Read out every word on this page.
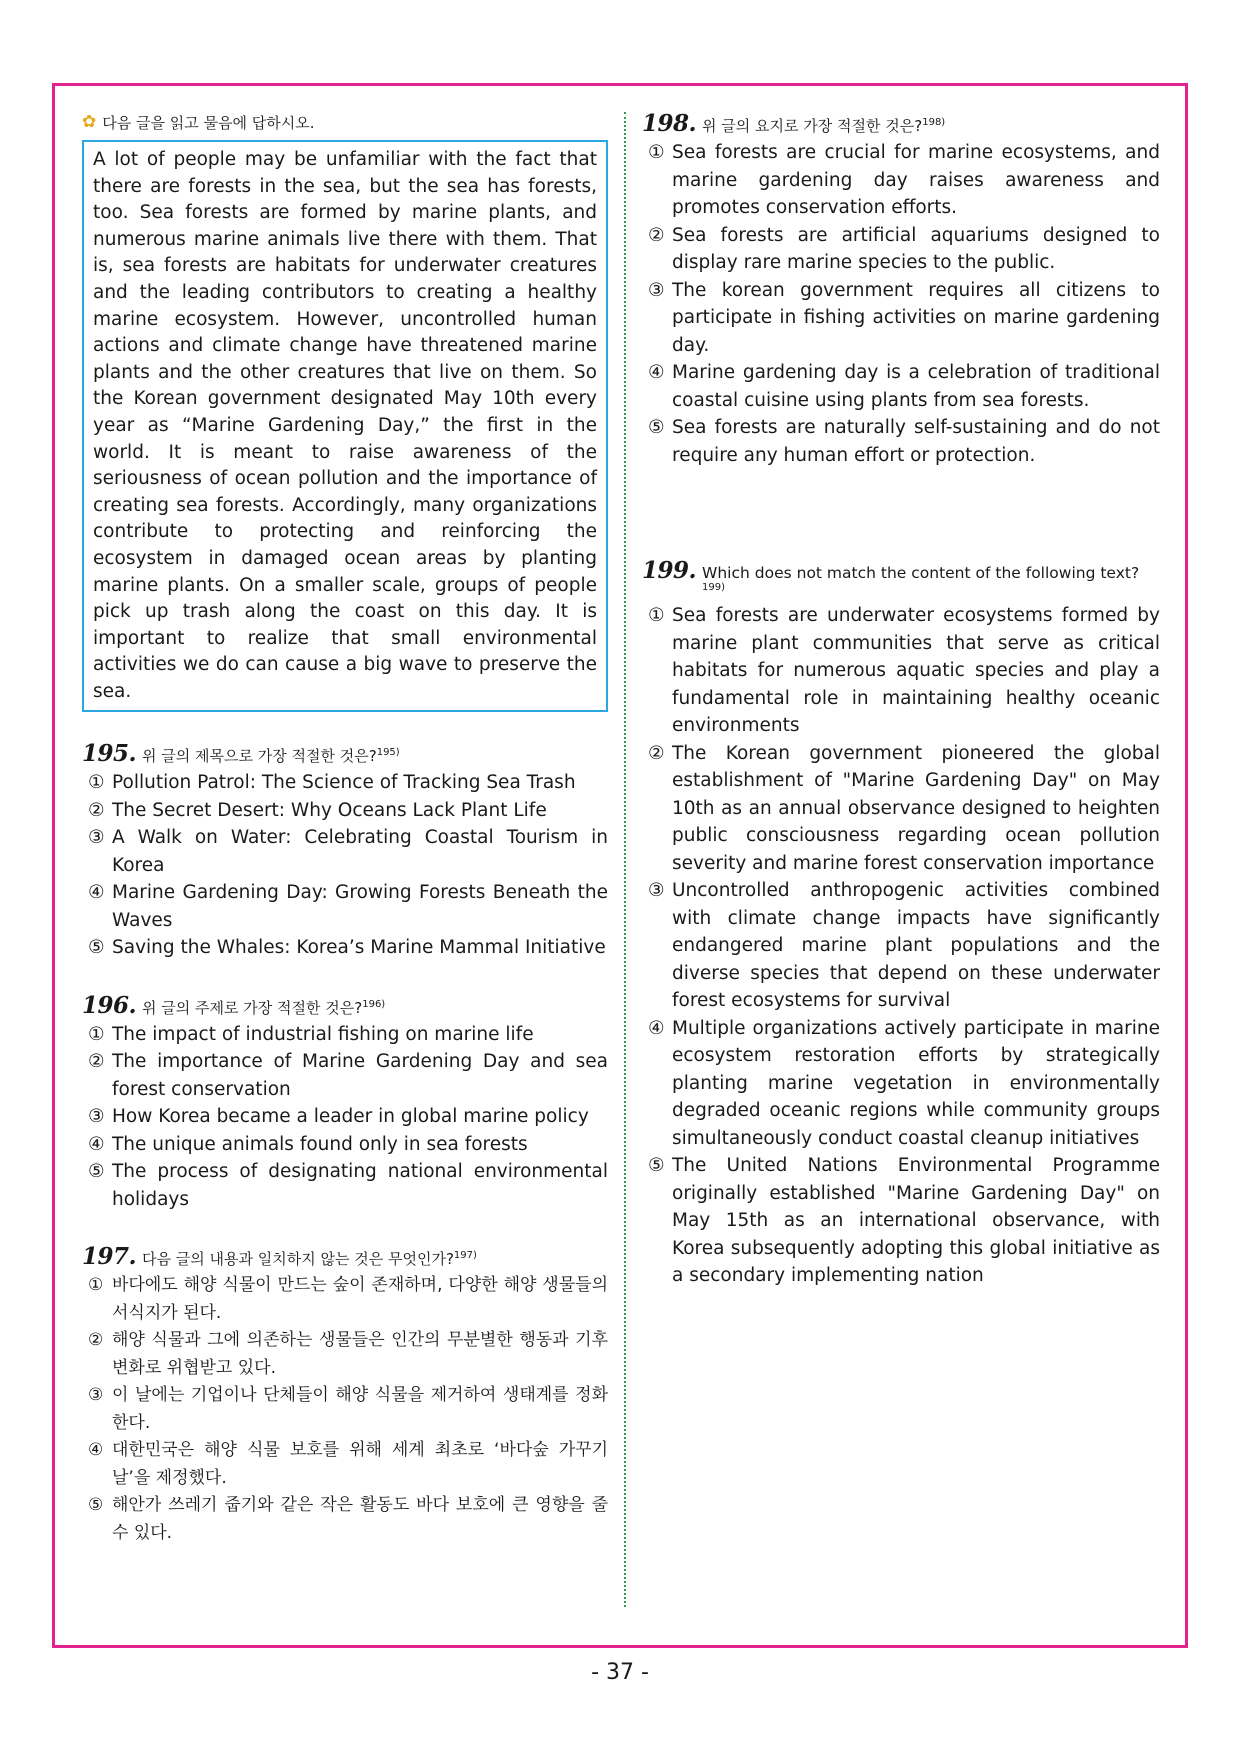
✿ 다음 글을 읽고 물음에 답하시오.
A lot of people may be unfamiliar with the fact that there are forests in the sea, but the sea has forests, too. Sea forests are formed by marine plants, and numerous marine animals live there with them. That is, sea forests are habitats for underwater creatures and the leading contributors to creating a healthy marine ecosystem. However, uncontrolled human actions and climate change have threatened marine plants and the other creatures that live on them. So the Korean government designated May 10th every year as “Marine Gardening Day,” the first in the world. It is meant to raise awareness of the seriousness of ocean pollution and the importance of creating sea forests. Accordingly, many organizations contribute to protecting and reinforcing the ecosystem in damaged ocean areas by planting marine plants. On a smaller scale, groups of people pick up trash along the coast on this day. It is important to realize that small environmental activities we do can cause a big wave to preserve the sea.
195. 위 글의 제목으로 가장 적절한 것은?$^{195)}$
① Pollution Patrol: The Science of Tracking Sea Trash
② The Secret Desert: Why Oceans Lack Plant Life
③ A Walk on Water: Celebrating Coastal Tourism in Korea
④ Marine Gardening Day: Growing Forests Beneath the Waves
⑤ Saving the Whales: Korea’s Marine Mammal Initiative
196. 위 글의 주제로 가장 적절한 것은?$^{196)}$
① The impact of industrial fishing on marine life
② The importance of Marine Gardening Day and sea forest conservation
③ How Korea became a leader in global marine policy
④ The unique animals found only in sea forests
⑤ The process of designating national environmental holidays
197. 다음 글의 내용과 일치하지 않는 것은 무엇인가?$^{197)}$
① 바다에도 해양 식물이 만드는 숲이 존재하며, 다양한 해양 생물들의 서식지가 된다.
② 해양 식물과 그에 의존하는 생물들은 인간의 무분별한 행동과 기후 변화로 위협받고 있다.
③ 이 날에는 기업이나 단체들이 해양 식물을 제거하여 생태계를 정화한다.
④ 대한민국은 해양 식물 보호를 위해 세계 최초로 ‘바다숲 가꾸기 날’을 제정했다.
⑤ 해안가 쓰레기 줍기와 같은 작은 활동도 바다 보호에 큰 영향을 줄 수 있다.
198. 위 글의 요지로 가장 적절한 것은?$^{198)}$
① Sea forests are crucial for marine ecosystems, and marine gardening day raises awareness and promotes conservation efforts.
② Sea forests are artificial aquariums designed to display rare marine species to the public.
③ The korean government requires all citizens to participate in fishing activities on marine gardening day.
④ Marine gardening day is a celebration of traditional coastal cuisine using plants from sea forests.
⑤ Sea forests are naturally self-sustaining and do not require any human effort or protection.
199. Which does not match the content of the following text?$^{199)}$
① Sea forests are underwater ecosystems formed by marine plant communities that serve as critical habitats for numerous aquatic species and play a fundamental role in maintaining healthy oceanic environments
② The Korean government pioneered the global establishment of "Marine Gardening Day" on May 10th as an annual observance designed to heighten public consciousness regarding ocean pollution severity and marine forest conservation importance
③ Uncontrolled anthropogenic activities combined with climate change impacts have significantly endangered marine plant populations and the diverse species that depend on these underwater forest ecosystems for survival
④ Multiple organizations actively participate in marine ecosystem restoration efforts by strategically planting marine vegetation in environmentally degraded oceanic regions while community groups simultaneously conduct coastal cleanup initiatives
⑤ The United Nations Environmental Programme originally established "Marine Gardening Day" on May 15th as an international observance, with Korea subsequently adopting this global initiative as a secondary implementing nation
- 37 -
